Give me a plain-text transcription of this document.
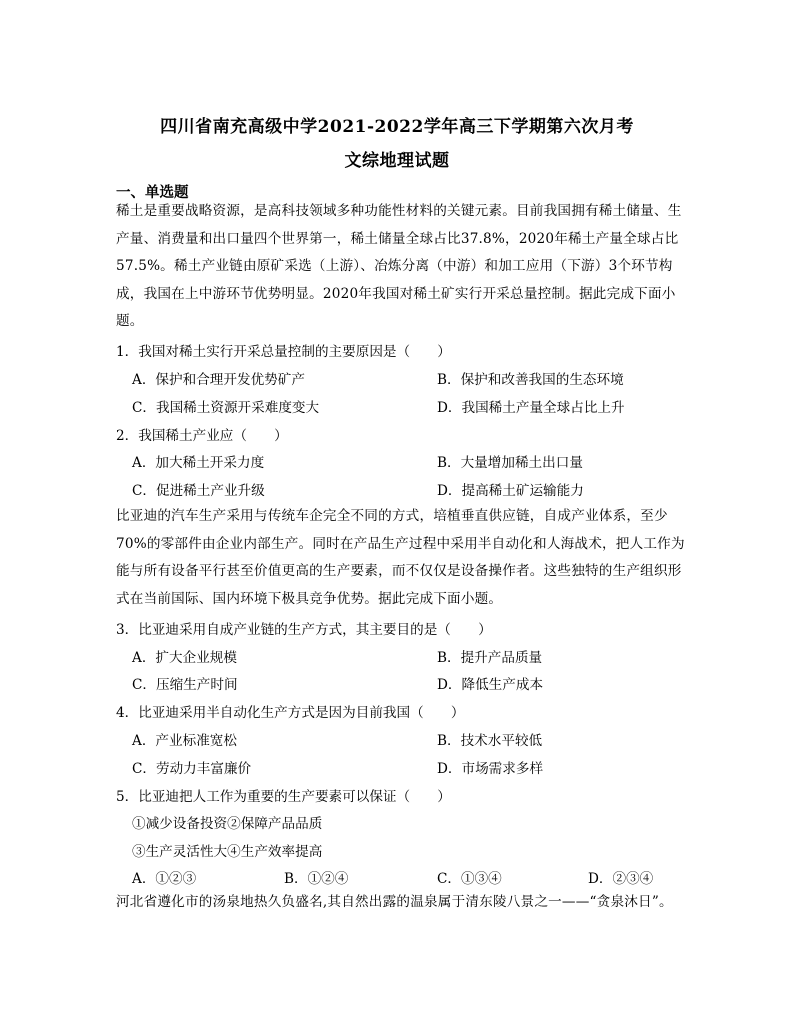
四川省南充高级中学2021-2022学年高三下学期第六次月考
文综地理试题
一、单选题
稀土是重要战略资源，是高科技领域多种功能性材料的关键元素。目前我国拥有稀土储量、生产量、消费量和出口量四个世界第一，稀土储量全球占比37.8%，2020年稀土产量全球占比57.5%。稀土产业链由原矿采选（上游）、冶炼分离（中游）和加工应用（下游）3个环节构成，我国在上中游环节优势明显。2020年我国对稀土矿实行开采总量控制。据此完成下面小题。
1．我国对稀土实行开采总量控制的主要原因是（　　）
A．保护和合理开发优势矿产	B．保护和改善我国的生态环境
C．我国稀土资源开采难度变大	D．我国稀土产量全球占比上升
2．我国稀土产业应（　　）
A．加大稀土开采力度	B．大量增加稀土出口量
C．促进稀土产业升级	D．提高稀土矿运输能力
比亚迪的汽车生产采用与传统车企完全不同的方式，培植垂直供应链，自成产业体系，至少70%的零部件由企业内部生产。同时在产品生产过程中采用半自动化和人海战术，把人工作为能与所有设备平行甚至价值更高的生产要素，而不仅仅是设备操作者。这些独特的生产组织形式在当前国际、国内环境下极具竞争优势。据此完成下面小题。
3．比亚迪采用自成产业链的生产方式，其主要目的是（　　）
A．扩大企业规模	B．提升产品质量
C．压缩生产时间	D．降低生产成本
4．比亚迪采用半自动化生产方式是因为目前我国（　　）
A．产业标准宽松	B．技术水平较低
C．劳动力丰富廉价	D．市场需求多样
5．比亚迪把人工作为重要的生产要素可以保证（　　）
①减少设备投资②保障产品品质
③生产灵活性大④生产效率提高
A．①②③	B．①②④	C．①③④	D．②③④
河北省遵化市的汤泉地热久负盛名,其自然出露的温泉属于清东陵八景之一——“贪泉沐日”。
